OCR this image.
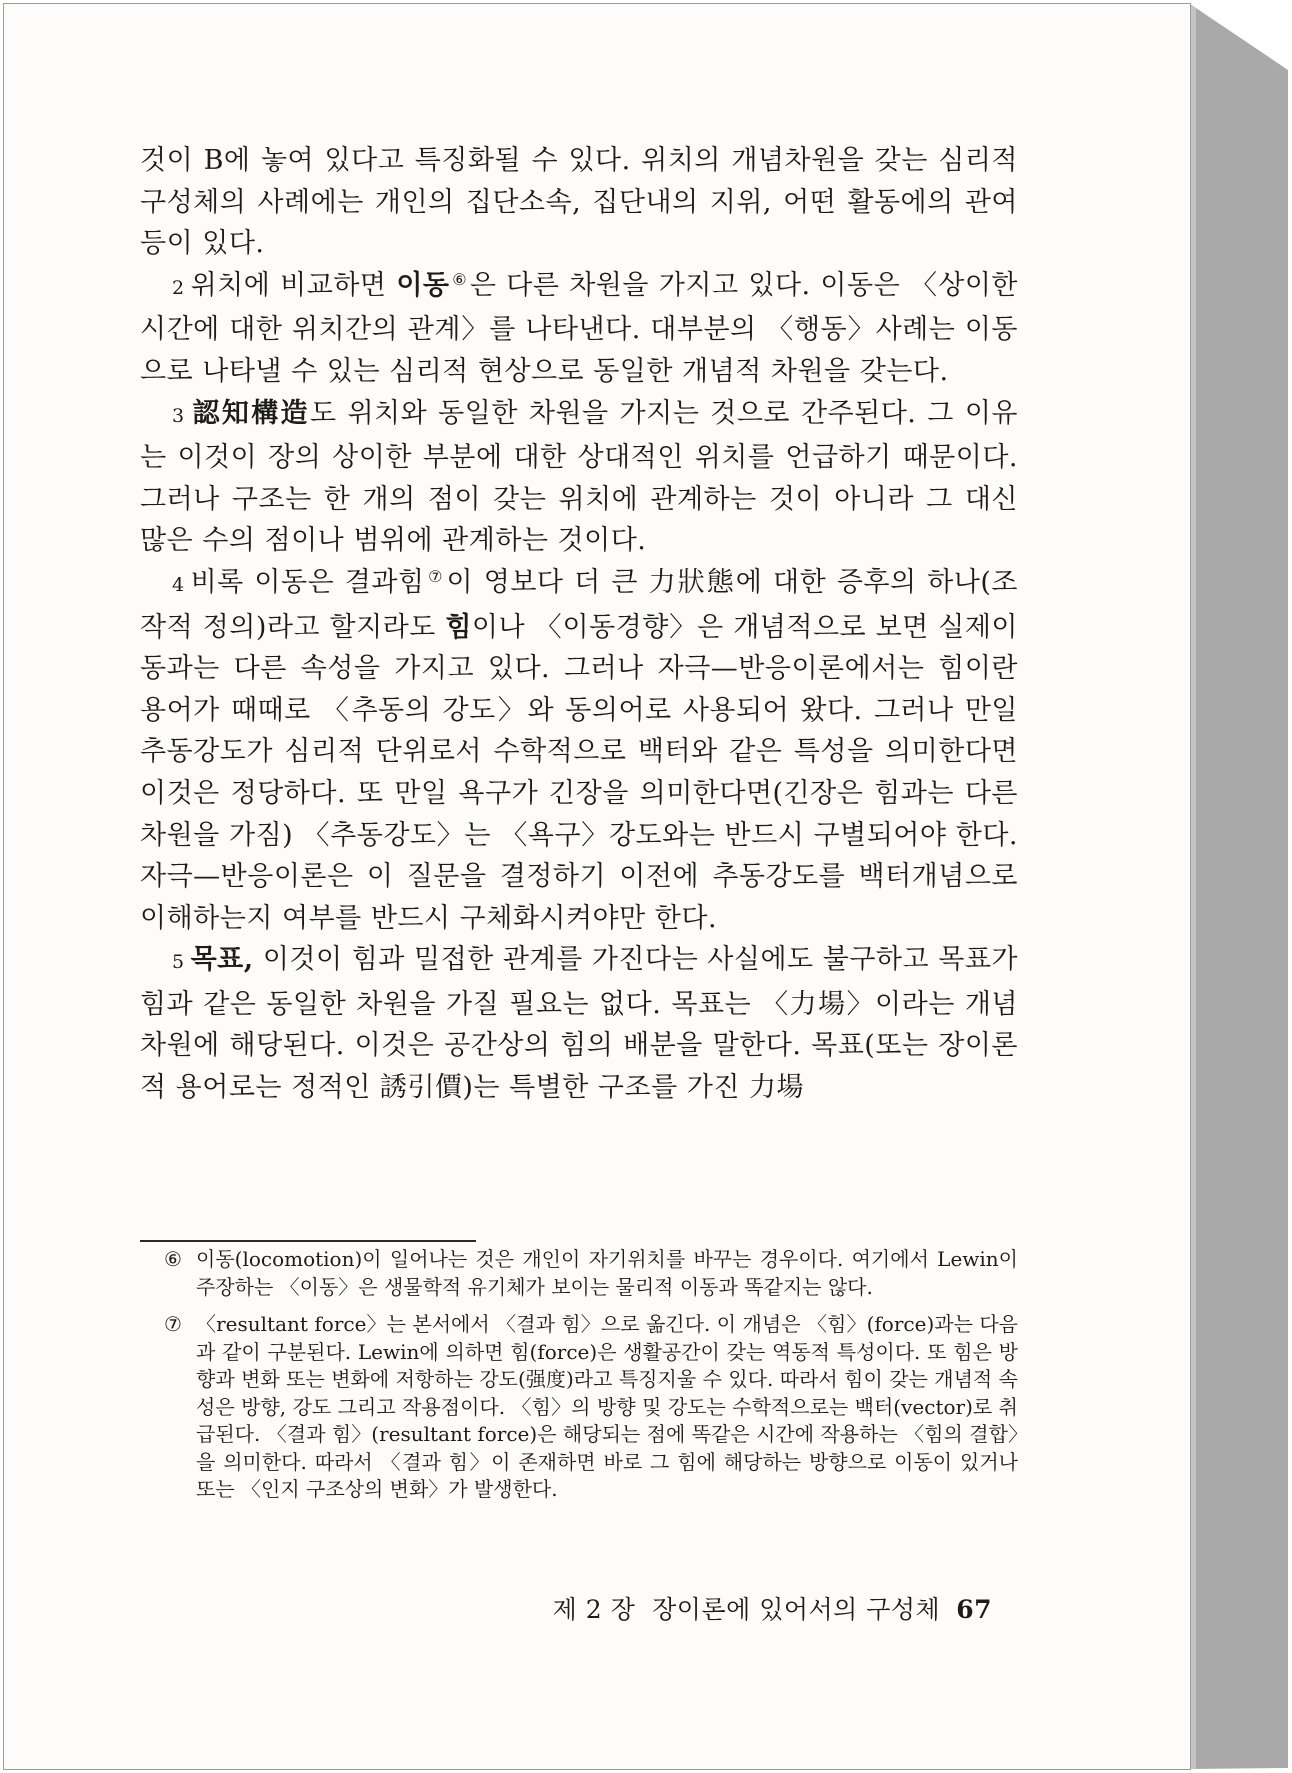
것이 B에 놓여 있다고 특징화될 수 있다. 위치의 개념차원을 갖는 심리적 구성체의 사례에는 개인의 집단소속, 집단내의 지위, 어떤 활동에의 관여 등이 있다.

2 위치에 비교하면 이동 ⑥은 다른 차원을 가지고 있다. 이동은 〈상이한 시간에 대한 위치간의 관계〉를 나타낸다. 대부분의 〈행동〉사례는 이동으로 나타낼 수 있는 심리적 현상으로 동일한 개념적 차원을 갖는다.

3 認知構造도 위치와 동일한 차원을 가지는 것으로 간주된다. 그 이유는 이것이 장의 상이한 부분에 대한 상대적인 위치를 언급하기 때문이다. 그러나 구조는 한 개의 점이 갖는 위치에 관계하는 것이 아니라 그 대신 많은 수의 점이나 범위에 관계하는 것이다.

4 비록 이동은 결과힘 ⑦이 영보다 더 큰 力狀態에 대한 증후의 하나(조작적 정의)라고 할지라도 힘이나 〈이동경향〉은 개념적으로 보면 실제이동과는 다른 속성을 가지고 있다. 그러나 자극—반응이론에서는 힘이란 용어가 때때로 〈추동의 강도〉와 동의어로 사용되어 왔다. 그러나 만일 추동강도가 심리적 단위로서 수학적으로 백터와 같은 특성을 의미한다면 이것은 정당하다. 또 만일 욕구가 긴장을 의미한다면(긴장은 힘과는 다른 차원을 가짐) 〈추동강도〉는 〈욕구〉강도와는 반드시 구별되어야 한다. 자극—반응이론은 이 질문을 결정하기 이전에 추동강도를 백터개념으로 이해하는지 여부를 반드시 구체화시켜야만 한다.

5 목표, 이것이 힘과 밀접한 관계를 가진다는 사실에도 불구하고 목표가 힘과 같은 동일한 차원을 가질 필요는 없다. 목표는 〈力場〉이라는 개념차원에 해당된다. 이것은 공간상의 힘의 배분을 말한다. 목표(또는 장이론적 용어로는 정적인 誘引價)는 특별한 구조를 가진 力場

⑥ 이동(locomotion)이 일어나는 것은 개인이 자기위치를 바꾸는 경우이다. 여기에서 Lewin이 주장하는 〈이동〉은 생물학적 유기체가 보이는 물리적 이동과 똑같지는 않다.

⑦ 〈resultant force〉는 본서에서 〈결과 힘〉으로 옮긴다. 이 개념은 〈힘〉(force)과는 다음과 같이 구분된다. Lewin에 의하면 힘(force)은 생활공간이 갖는 역동적 특성이다. 또 힘은 방향과 변화 또는 변화에 저항하는 강도(强度)라고 특징지울 수 있다. 따라서 힘이 갖는 개념적 속성은 방향, 강도 그리고 작용점이다. 〈힘〉의 방향 및 강도는 수학적으로는 백터(vector)로 취급된다. 〈결과 힘〉(resultant force)은 해당되는 점에 똑같은 시간에 작용하는 〈힘의 결합〉을 의미한다. 따라서 〈결과 힘〉이 존재하면 바로 그 힘에 해당하는 방향으로 이동이 있거나 또는 〈인지 구조상의 변화〉가 발생한다.

제 2 장 장이론에 있어서의 구성체 67
